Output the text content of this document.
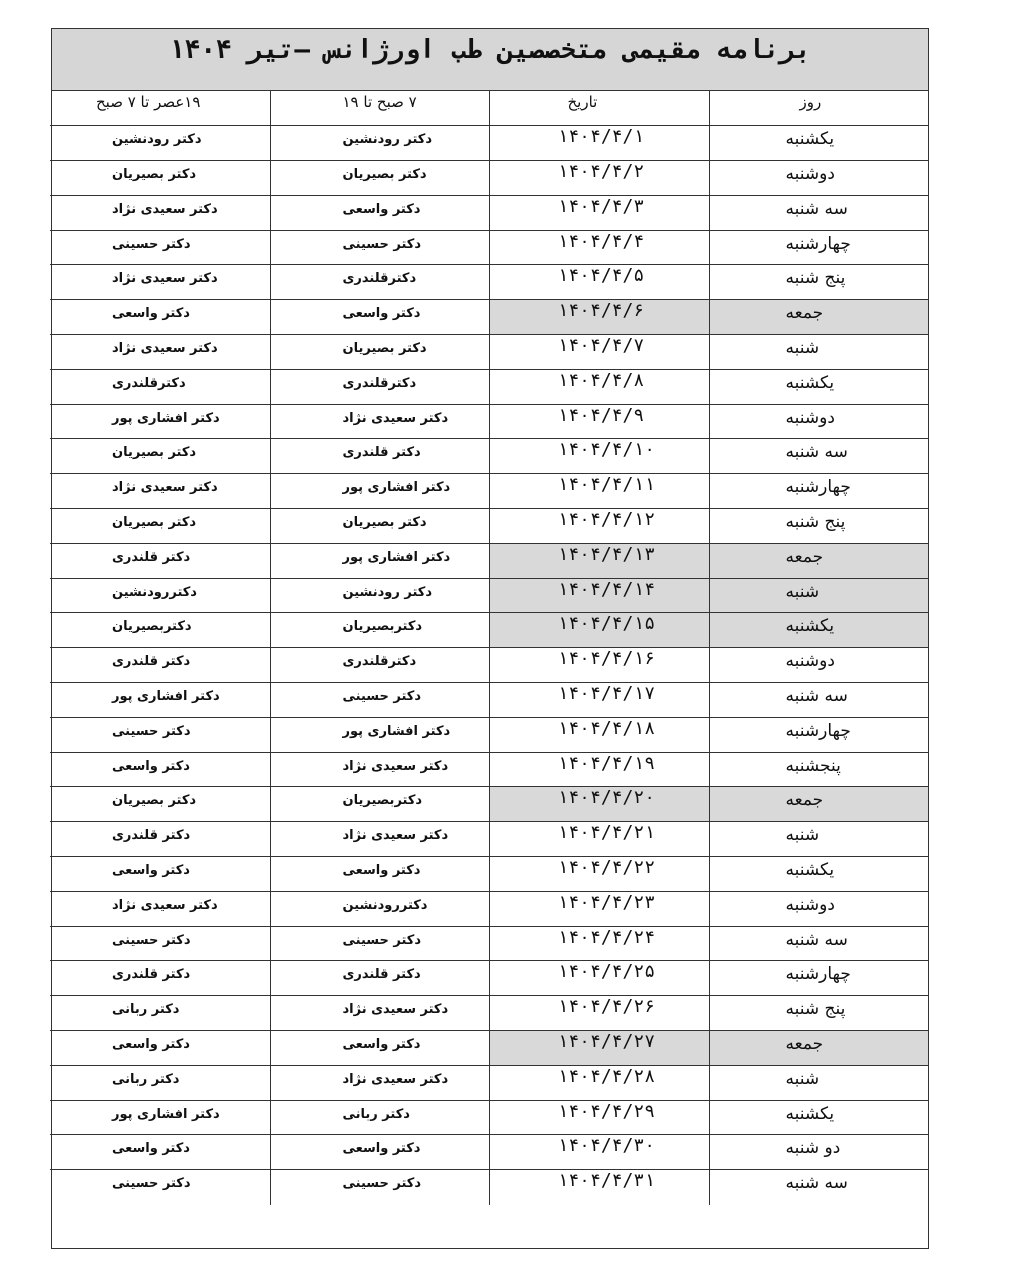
برنامه مقیمی متخصصین طب اورژانس –تیر ۱۴۰۴
روز	تاریخ	۷ صبح تا ۱۹	۱۹عصر تا ۷ صبح
یکشنبه	۱۴۰۴/۴/۱	دکتر رودنشین	دکتر رودنشین
دوشنبه	۱۴۰۴/۴/۲	دکتر بصیریان	دکتر بصیریان
سه شنبه	۱۴۰۴/۴/۳	دکتر واسعی	دکتر سعیدی نژاد
چهارشنبه	۱۴۰۴/۴/۴	دکتر حسینی	دکتر حسینی
پنج شنبه	۱۴۰۴/۴/۵	دکترقلندری	دکتر سعیدی نژاد
جمعه	۱۴۰۴/۴/۶	دکتر واسعی	دکتر واسعی
شنبه	۱۴۰۴/۴/۷	دکتر بصیریان	دکتر سعیدی نژاد
یکشنبه	۱۴۰۴/۴/۸	دکترقلندری	دکترقلندری
دوشنبه	۱۴۰۴/۴/۹	دکتر سعیدی نژاد	دکتر افشاری پور
سه شنبه	۱۴۰۴/۴/۱۰	دکتر قلندری	دکتر بصیریان
چهارشنبه	۱۴۰۴/۴/۱۱	دکتر افشاری پور	دکتر سعیدی نژاد
پنج شنبه	۱۴۰۴/۴/۱۲	دکتر بصیریان	دکتر بصیریان
جمعه	۱۴۰۴/۴/۱۳	دکتر افشاری پور	دکتر قلندری
شنبه	۱۴۰۴/۴/۱۴	دکتر رودنشین	دکتررودنشین
یکشنبه	۱۴۰۴/۴/۱۵	دکتربصیریان	دکتربصیریان
دوشنبه	۱۴۰۴/۴/۱۶	دکترقلندری	دکتر قلندری
سه شنبه	۱۴۰۴/۴/۱۷	دکتر حسینی	دکتر افشاری پور
چهارشنبه	۱۴۰۴/۴/۱۸	دکتر افشاری پور	دکتر حسینی
پنجشنبه	۱۴۰۴/۴/۱۹	دکتر سعیدی نژاد	دکتر واسعی
جمعه	۱۴۰۴/۴/۲۰	دکتربصیریان	دکتر بصیریان
شنبه	۱۴۰۴/۴/۲۱	دکتر سعیدی نژاد	دکتر قلندری
یکشنبه	۱۴۰۴/۴/۲۲	دکتر واسعی	دکتر واسعی
دوشنبه	۱۴۰۴/۴/۲۳	دکتررودنشین	دکتر سعیدی نژاد
سه شنبه	۱۴۰۴/۴/۲۴	دکتر حسینی	دکتر حسینی
چهارشنبه	۱۴۰۴/۴/۲۵	دکتر قلندری	دکتر قلندری
پنج شنبه	۱۴۰۴/۴/۲۶	دکتر سعیدی نژاد	دکتر ربانی
جمعه	۱۴۰۴/۴/۲۷	دکتر واسعی	دکتر واسعی
شنبه	۱۴۰۴/۴/۲۸	دکتر سعیدی نژاد	دکتر ربانی
یکشنبه	۱۴۰۴/۴/۲۹	دکتر ربانی	دکتر افشاری پور
دو شنبه	۱۴۰۴/۴/۳۰	دکتر واسعی	دکتر واسعی
سه شنبه	۱۴۰۴/۴/۳۱	دکتر حسینی	دکتر حسینی
